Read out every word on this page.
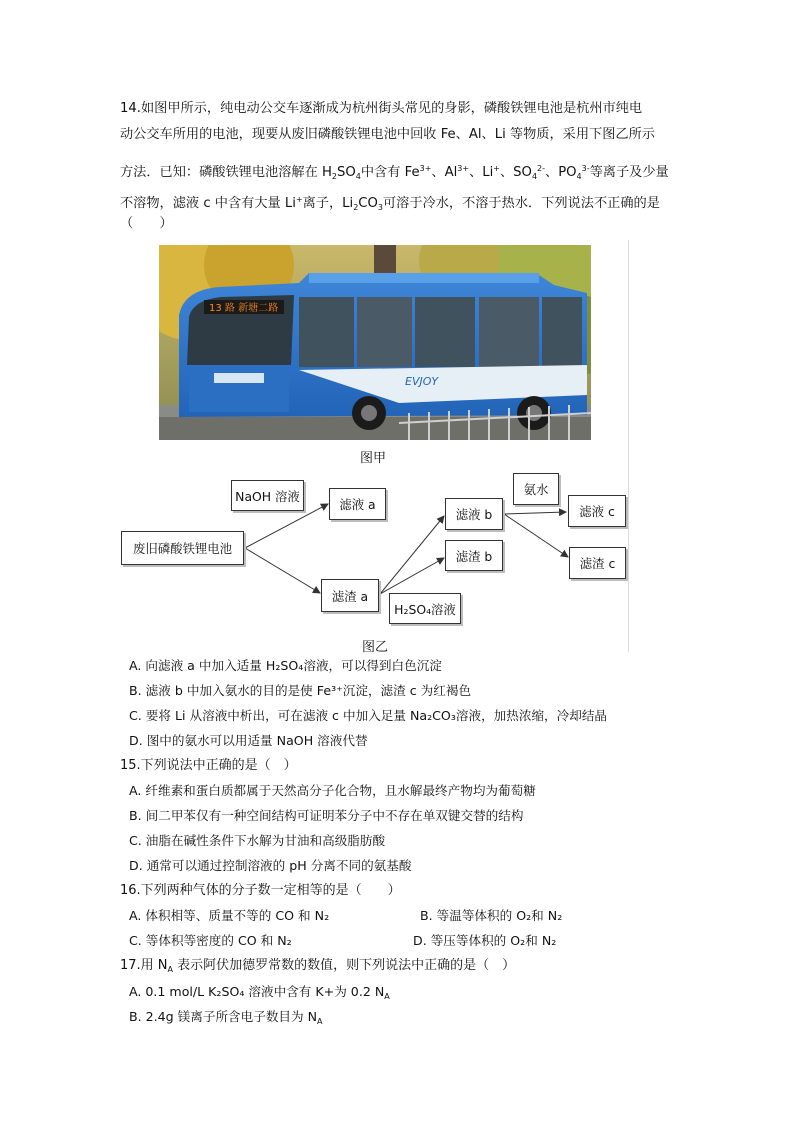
14.如图甲所示，纯电动公交车逐渐成为杭州街头常见的身影，磷酸铁锂电池是杭州市纯电
动公交车所用的电池，现要从废旧磷酸铁锂电池中回收 Fe、Al、Li 等物质，采用下图乙所示
方法．已知：磷酸铁锂电池溶解在 $H_2SO_4$中含有 $Fe^{3+}$、$Al^{3+}$、Li+、$SO_4^{2-}$、$PO_4^{3-}$等离子及少量
不溶物，滤液 c 中含有大量 Li+离子，$Li_2CO_3$可溶于冷水，不溶于热水．下列说法不正确的是
（　　）
13 路 新塘二路
EVJOY
图甲
废旧磷酸铁锂电池
NaOH 溶液
滤液 a
滤渣 a
H₂SO₄溶液
滤液 b
滤渣 b
氨水
滤液 c
滤渣 c
图乙
A. 向滤液 a 中加入适量 H₂SO₄溶液，可以得到白色沉淀
B. 滤液 b 中加入氨水的目的是使 Fe³⁺沉淀，滤渣 c 为红褐色
C. 要将 Li 从溶液中析出，可在滤液 c 中加入足量 Na₂CO₃溶液，加热浓缩，冷却结晶
D. 图中的氨水可以用适量 NaOH 溶液代替
15.下列说法中正确的是（　）
A. 纤维素和蛋白质都属于天然高分子化合物，且水解最终产物均为葡萄糖
B. 间二甲苯仅有一种空间结构可证明苯分子中不存在单双键交替的结构
C. 油脂在碱性条件下水解为甘油和高级脂肪酸
D. 通常可以通过控制溶液的 pH 分离不同的氨基酸
16.下列两种气体的分子数一定相等的是（　　）
A. 体积相等、质量不等的 CO 和 N₂	B. 等温等体积的 O₂和 N₂
C. 等体积等密度的 CO 和 N₂	D. 等压等体积的 O₂和 N₂
17.用 $N_A$ 表示阿伏加德罗常数的数值，则下列说法中正确的是（　）
A. 0.1 mol/L K₂SO₄ 溶液中含有 K+为 0.2 $N_A$
B. 2.4g 镁离子所含电子数目为 $N_A$
